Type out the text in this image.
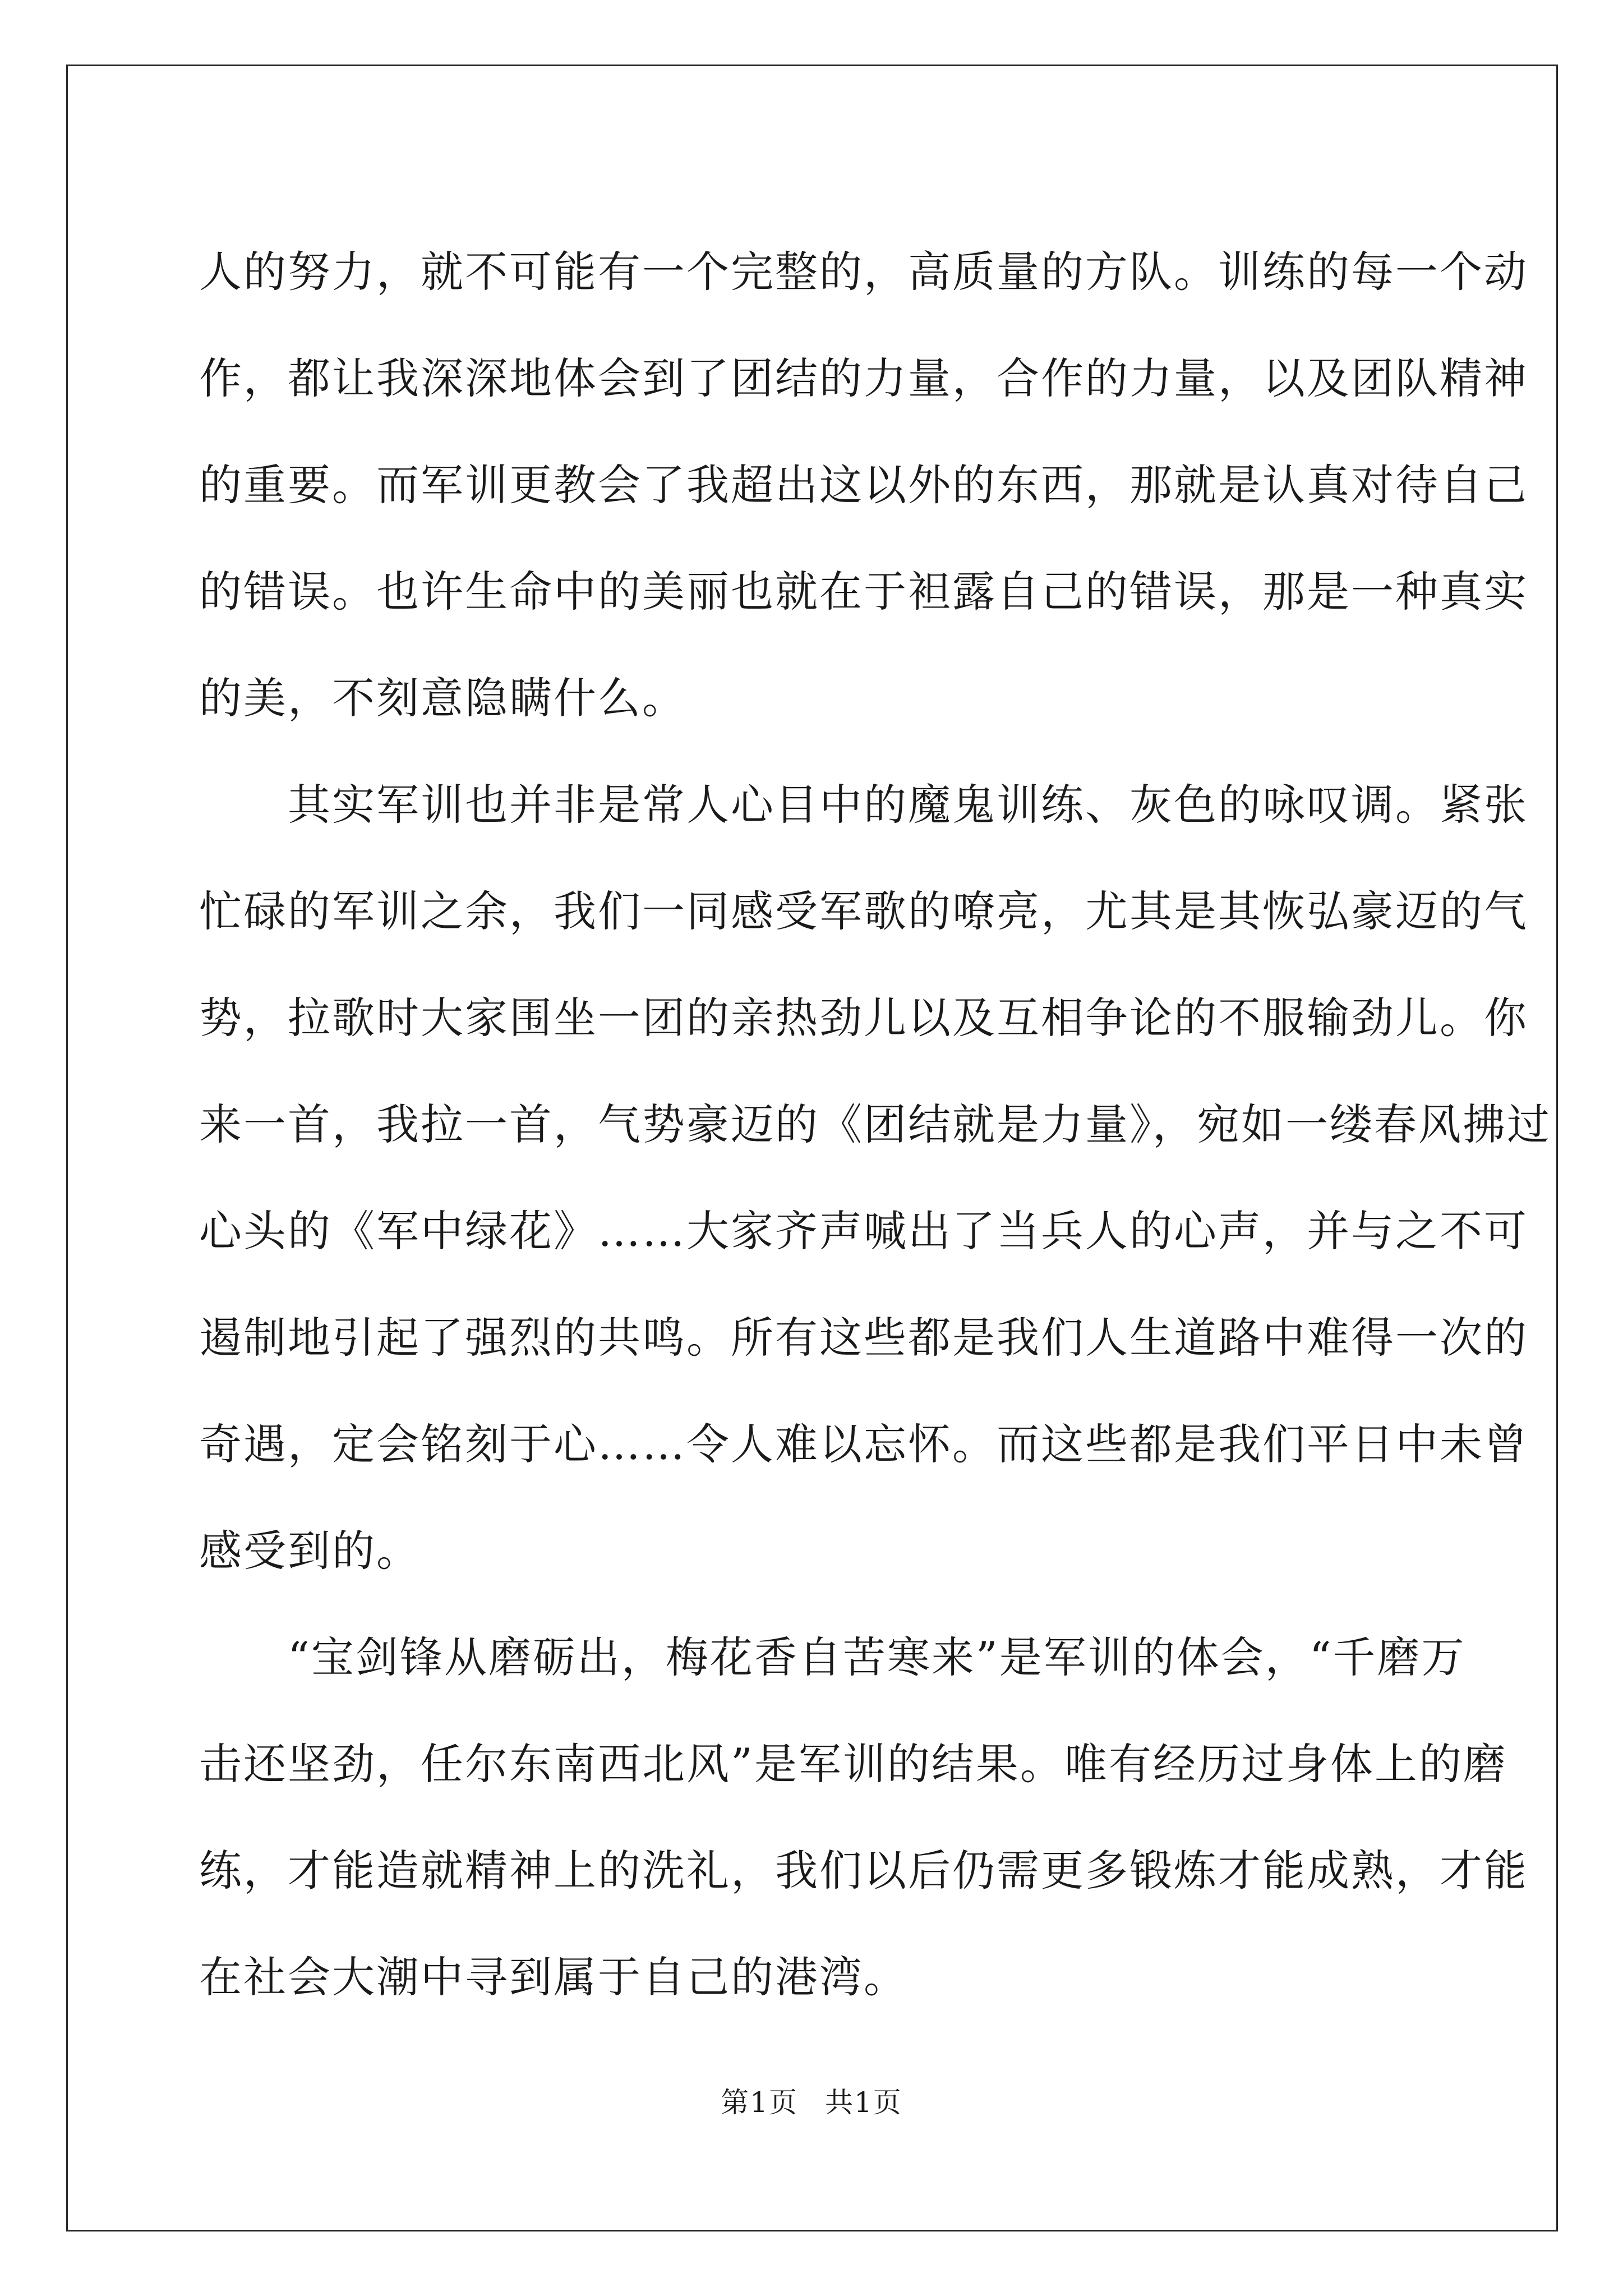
人的努力，就不可能有一个完整的，高质量的方队。训练的每一个动
作，都让我深深地体会到了团结的力量，合作的力量，以及团队精神
的重要。而军训更教会了我超出这以外的东西，那就是认真对待自己
的错误。也许生命中的美丽也就在于袒露自己的错误，那是一种真实
的美，不刻意隐瞒什么。
　　其实军训也并非是常人心目中的魔鬼训练、灰色的咏叹调。紧张
忙碌的军训之余，我们一同感受军歌的嘹亮，尤其是其恢弘豪迈的气
势，拉歌时大家围坐一团的亲热劲儿以及互相争论的不服输劲儿。你
来一首，我拉一首，气势豪迈的《团结就是力量》，宛如一缕春风拂过
心头的《军中绿花》……大家齐声喊出了当兵人的心声，并与之不可
遏制地引起了强烈的共鸣。所有这些都是我们人生道路中难得一次的
奇遇，定会铭刻于心……令人难以忘怀。而这些都是我们平日中未曾
感受到的。
　　“宝剑锋从磨砺出，梅花香自苦寒来”是军训的体会，“千磨万
击还坚劲，任尔东南西北风”是军训的结果。唯有经历过身体上的磨
练，才能造就精神上的洗礼，我们以后仍需更多锻炼才能成熟，才能
在社会大潮中寻到属于自己的港湾。
第1页 共1页
